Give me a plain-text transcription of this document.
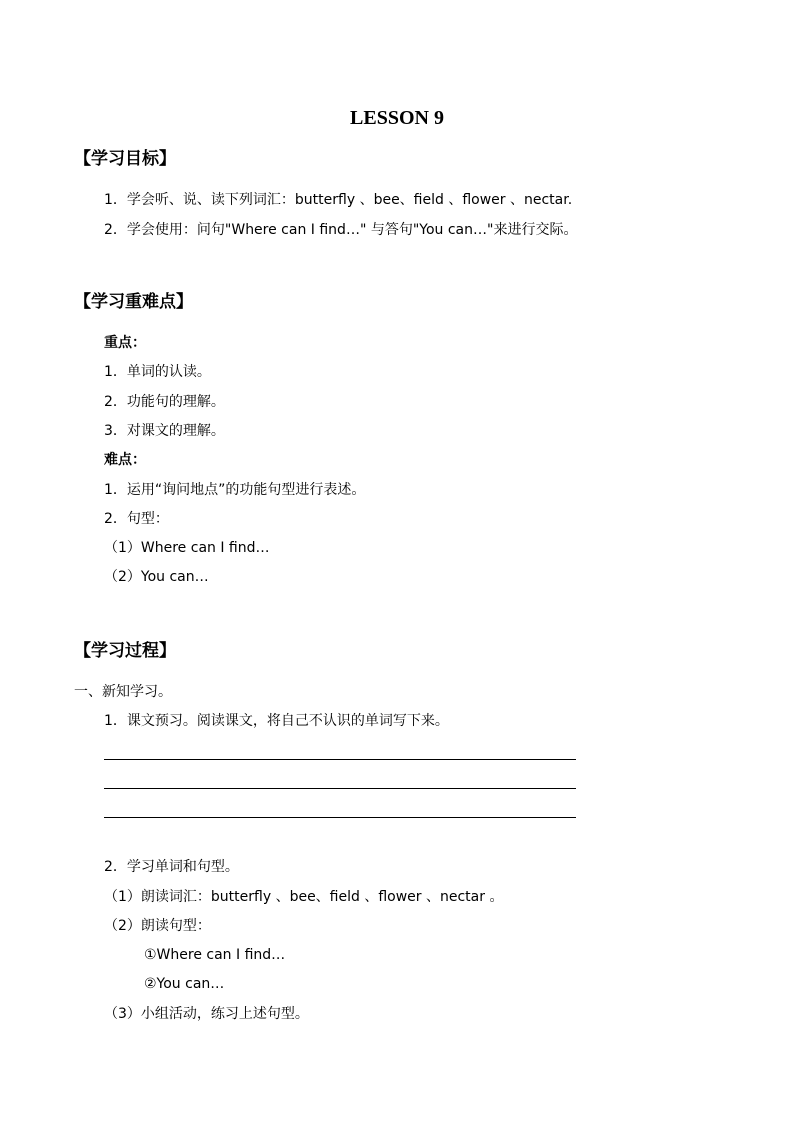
LESSON 9
【学习目标】
1．学会听、说、读下列词汇：butterfly 、bee、field 、flower 、nectar.
2．学会使用：问句"Where can I find…" 与答句"You can…"来进行交际。
【学习重难点】
重点：
1．单词的认读。
2．功能句的理解。
3．对课文的理解。
难点：
1．运用“询问地点”的功能句型进行表述。
2．句型：
（1）Where can I find…
（2）You can…
【学习过程】
一、新知学习。
1．课文预习。阅读课文，将自己不认识的单词写下来。
2．学习单词和句型。
（1）朗读词汇：butterfly 、bee、field 、flower 、nectar 。
（2）朗读句型：
①Where can I find…
②You can…
（3）小组活动，练习上述句型。
